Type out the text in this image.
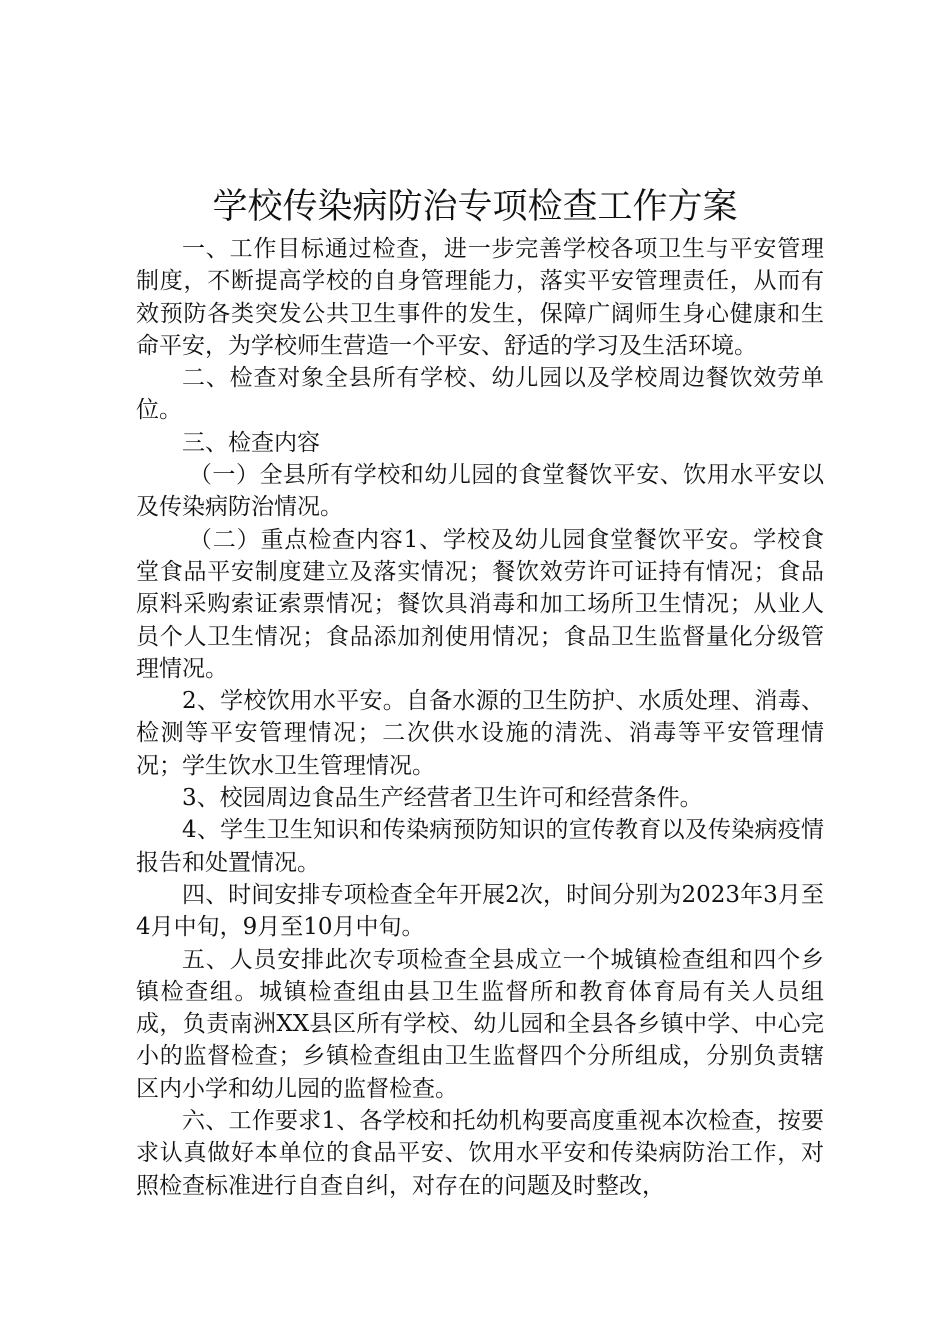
学校传染病防治专项检查工作方案

一、工作目标通过检查，进一步完善学校各项卫生与平安管理制度，不断提高学校的自身管理能力，落实平安管理责任，从而有效预防各类突发公共卫生事件的发生，保障广阔师生身心健康和生命平安，为学校师生营造一个平安、舒适的学习及生活环境。

二、检查对象全县所有学校、幼儿园以及学校周边餐饮效劳单位。

三、检查内容

（一）全县所有学校和幼儿园的食堂餐饮平安、饮用水平安以及传染病防治情况。

（二）重点检查内容1、学校及幼儿园食堂餐饮平安。学校食堂食品平安制度建立及落实情况；餐饮效劳许可证持有情况；食品原料采购索证索票情况；餐饮具消毒和加工场所卫生情况；从业人员个人卫生情况；食品添加剂使用情况；食品卫生监督量化分级管理情况。

2、学校饮用水平安。自备水源的卫生防护、水质处理、消毒、检测等平安管理情况；二次供水设施的清洗、消毒等平安管理情况；学生饮水卫生管理情况。

3、校园周边食品生产经营者卫生许可和经营条件。

4、学生卫生知识和传染病预防知识的宣传教育以及传染病疫情报告和处置情况。

四、时间安排专项检查全年开展2次，时间分别为2023年3月至4月中旬，9月至10月中旬。

五、人员安排此次专项检查全县成立一个城镇检查组和四个乡镇检查组。城镇检查组由县卫生监督所和教育体育局有关人员组成，负责南洲XX县区所有学校、幼儿园和全县各乡镇中学、中心完小的监督检查；乡镇检查组由卫生监督四个分所组成，分别负责辖区内小学和幼儿园的监督检查。

六、工作要求1、各学校和托幼机构要高度重视本次检查，按要求认真做好本单位的食品平安、饮用水平安和传染病防治工作，对照检查标准进行自查自纠，对存在的问题及时整改，
